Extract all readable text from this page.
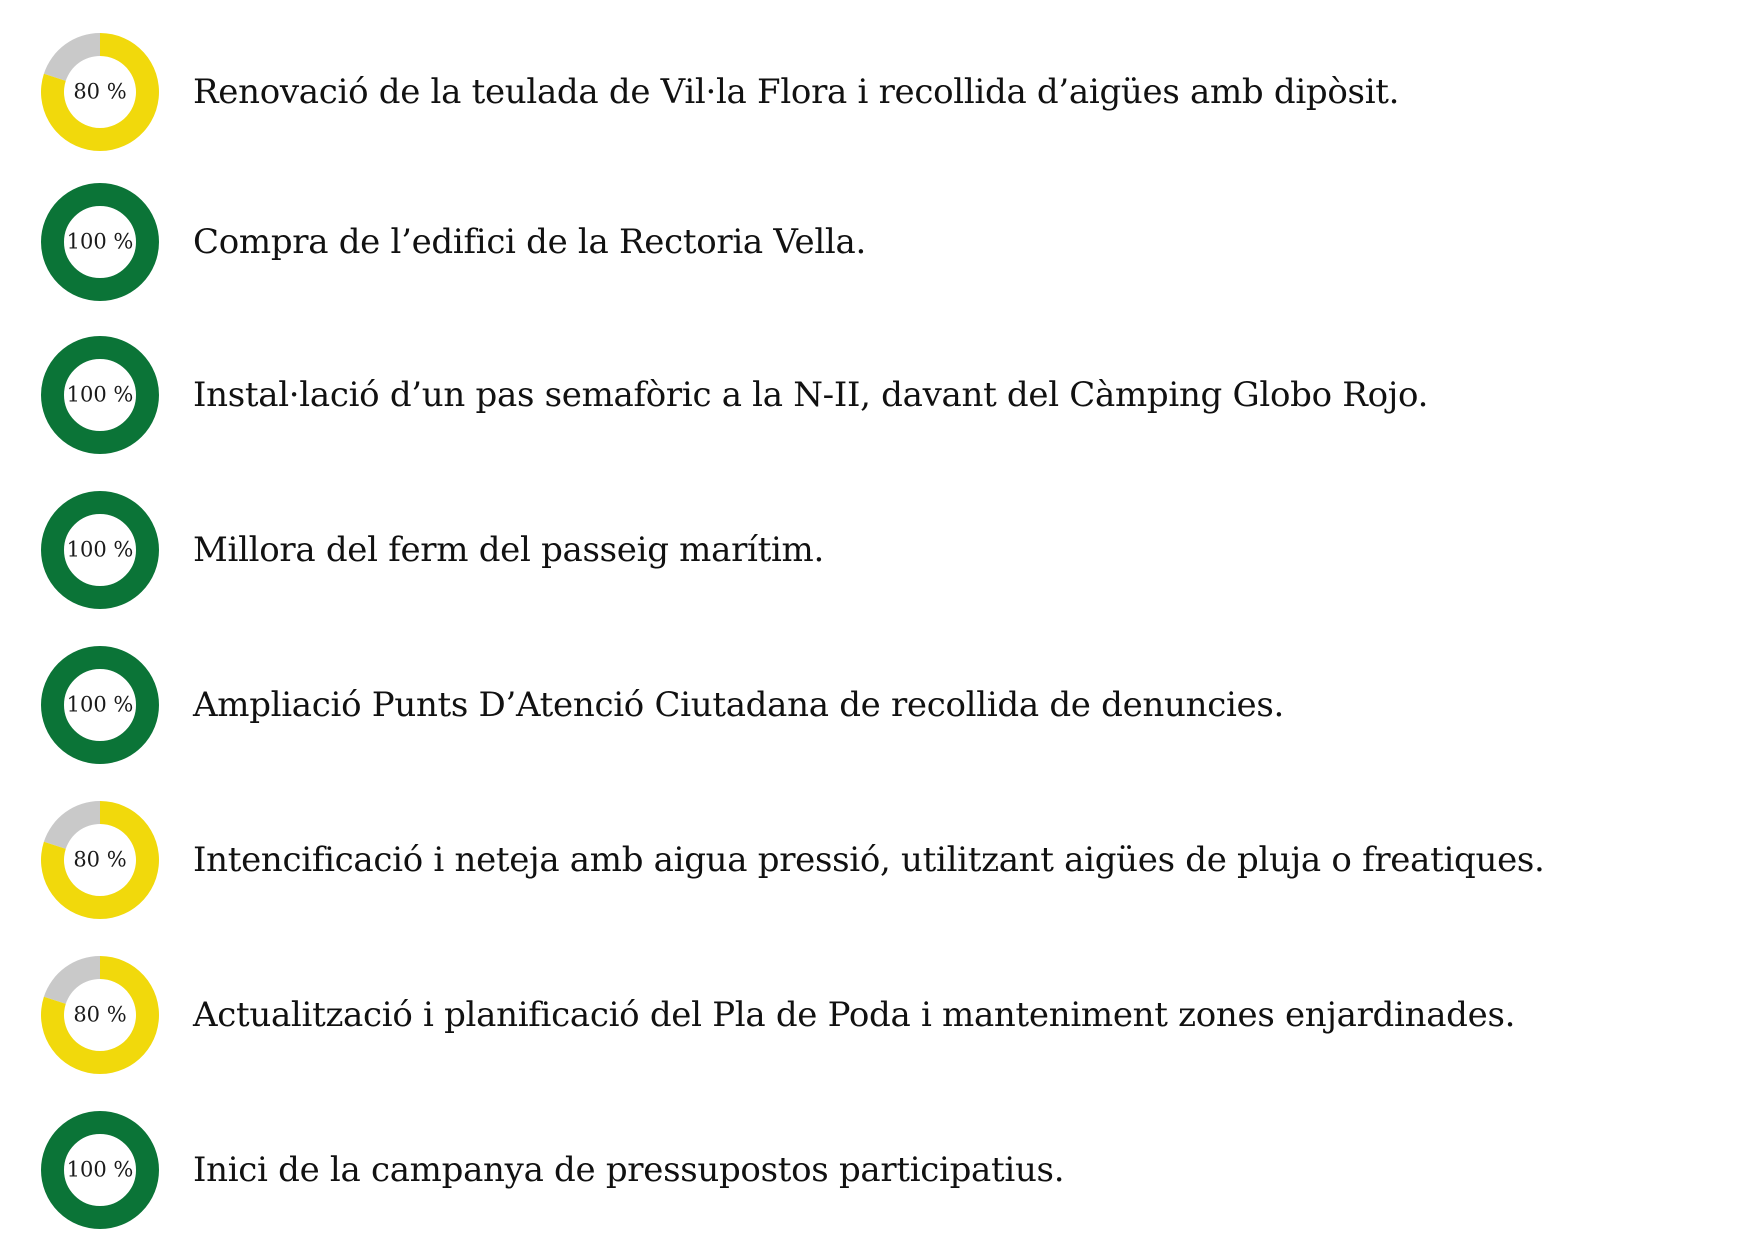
80 % Renovació de la teulada de Vil·la Flora i recollida d’aigües amb dipòsit.
100 % Compra de l’edifici de la Rectoria Vella.
100 % Instal·lació d’un pas semafòric a la N-II, davant del Càmping Globo Rojo.
100 % Millora del ferm del passeig marítim.
100 % Ampliació Punts D’Atenció Ciutadana de recollida de denuncies.
80 % Intencificació i neteja amb aigua pressió, utilitzant aigües de pluja o freatiques.
80 % Actualització i planificació del Pla de Poda i manteniment zones enjardinades.
100 % Inici de la campanya de pressupostos participatius.
